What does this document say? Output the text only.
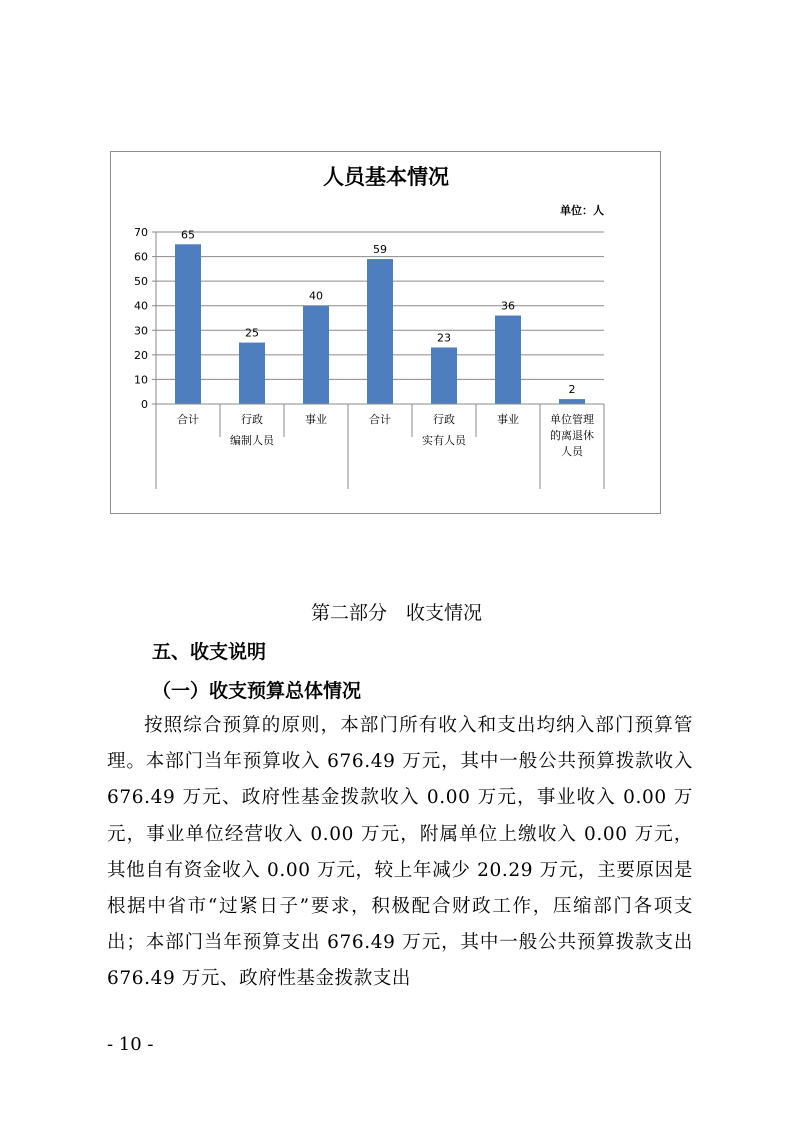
人员基本情况
单位：人
65
25
40
59
23
36
2
0
10
20
30
40
50
60
70
合计	行政	事业	合计	行政	事业	单位管理
的离退休
人员
编制人员	实有人员
第二部分　收支情况
五、收支说明
（一）收支预算总体情况

按照综合预算的原则，本部门所有收入和支出均纳入部门预算管理。本部门当年预算收入 676.49 万元，其中一般公共预算拨款收入 676.49 万元、政府性基金拨款收入 0.00 万元，事业收入 0.00 万元，事业单位经营收入 0.00 万元，附属单位上缴收入 0.00 万元，其他自有资金收入 0.00 万元，较上年减少 20.29 万元，主要原因是根据中省市“过紧日子”要求，积极配合财政工作，压缩部门各项支出；本部门当年预算支出 676.49 万元，其中一般公共预算拨款支出 676.49 万元、政府性基金拨款支出

- 10 -
